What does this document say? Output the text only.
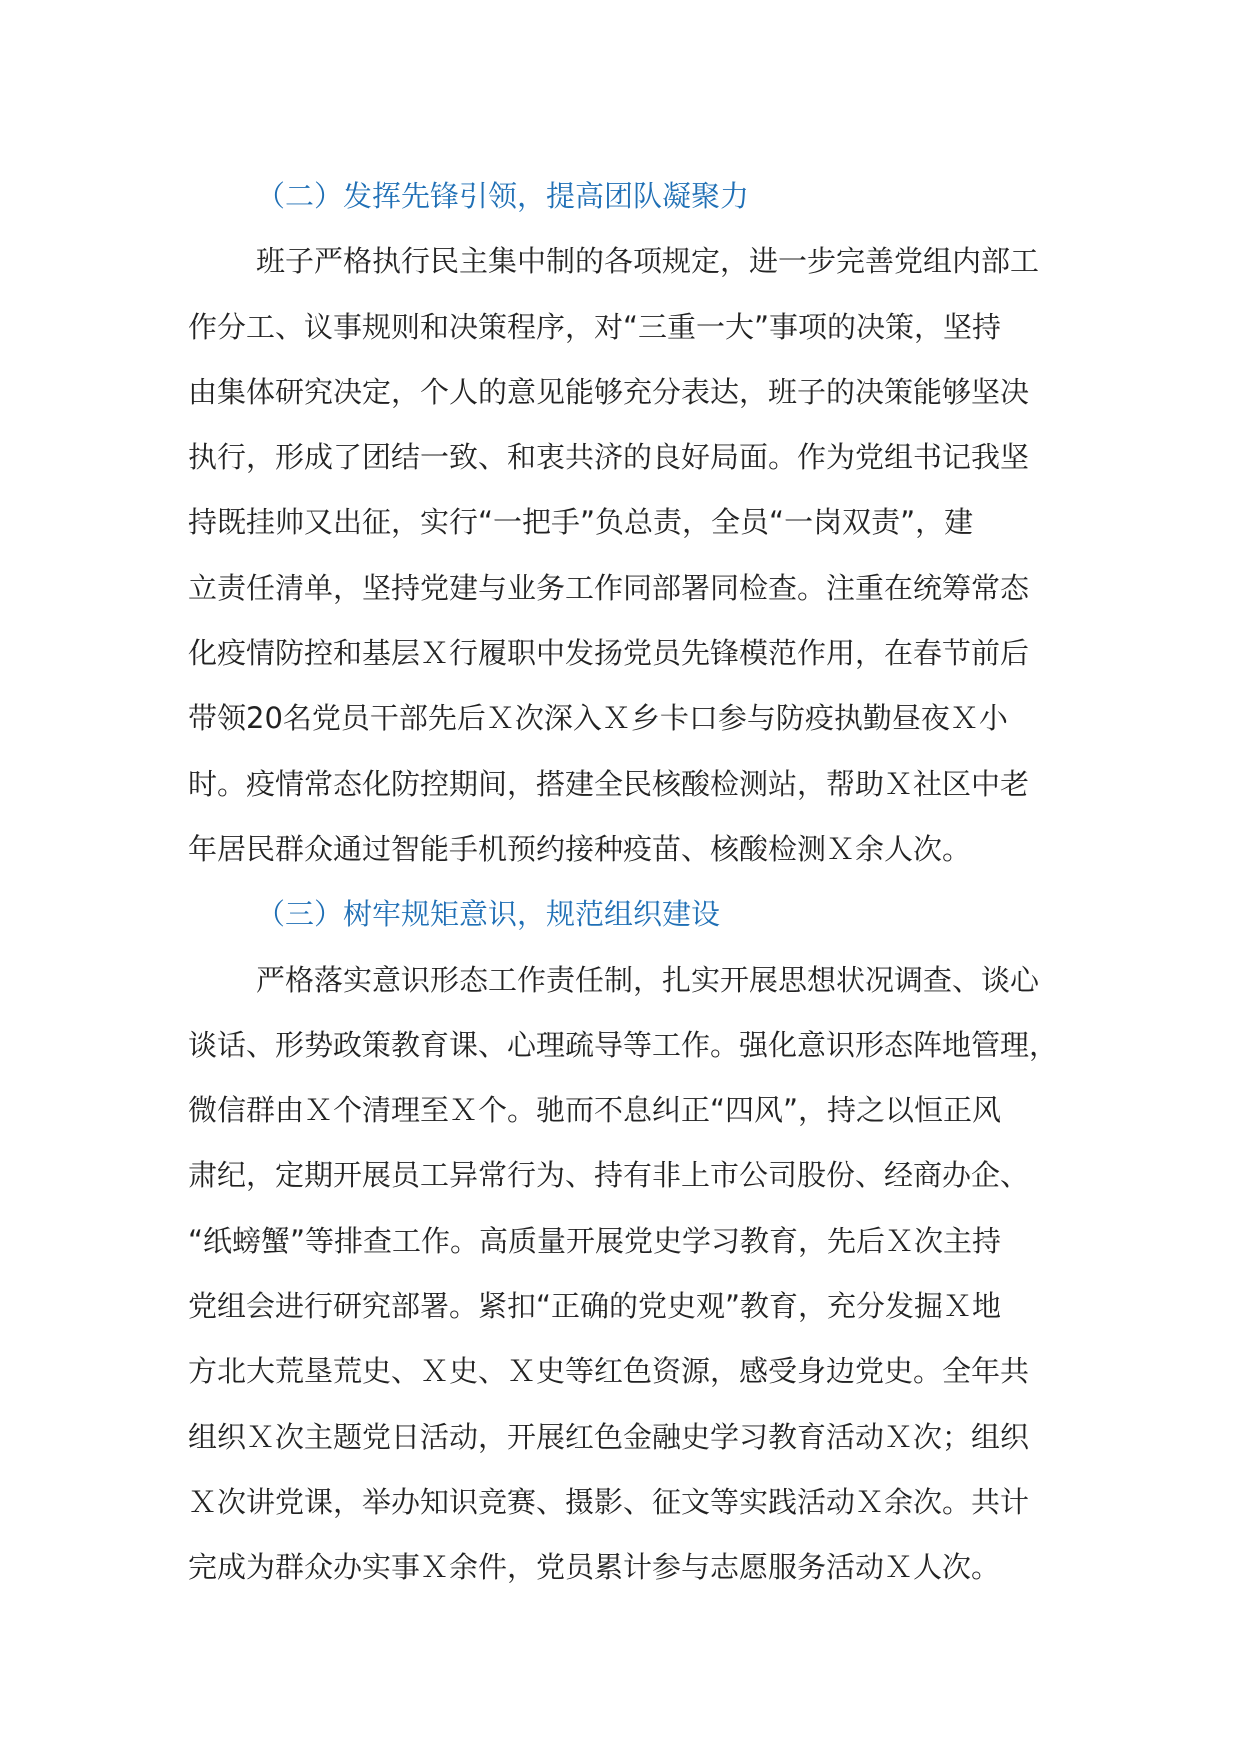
（二）发挥先锋引领，提高团队凝聚力

班子严格执行民主集中制的各项规定，进一步完善党组内部工

作分工、议事规则和决策程序，对“三重一大”事项的决策，坚持

由集体研究决定，个人的意见能够充分表达，班子的决策能够坚决

执行，形成了团结一致、和衷共济的良好局面。作为党组书记我坚

持既挂帅又出征，实行“一把手”负总责，全员“一岗双责”，建

立责任清单，坚持党建与业务工作同部署同检查。注重在统筹常态

化疫情防控和基层Ｘ行履职中发扬党员先锋模范作用，在春节前后

带领20名党员干部先后Ｘ次深入Ｘ乡卡口参与防疫执勤昼夜Ｘ小

时。疫情常态化防控期间，搭建全民核酸检测站，帮助Ｘ社区中老

年居民群众通过智能手机预约接种疫苗、核酸检测Ｘ余人次。

（三）树牢规矩意识，规范组织建设

严格落实意识形态工作责任制，扎实开展思想状况调查、谈心

谈话、形势政策教育课、心理疏导等工作。强化意识形态阵地管理，

微信群由Ｘ个清理至Ｘ个。驰而不息纠正“四风”，持之以恒正风

肃纪，定期开展员工异常行为、持有非上市公司股份、经商办企、

“纸螃蟹”等排查工作。高质量开展党史学习教育，先后Ｘ次主持

党组会进行研究部署。紧扣“正确的党史观”教育，充分发掘Ｘ地

方北大荒垦荒史、Ｘ史、Ｘ史等红色资源，感受身边党史。全年共

组织Ｘ次主题党日活动，开展红色金融史学习教育活动Ｘ次；组织

Ｘ次讲党课，举办知识竞赛、摄影、征文等实践活动Ｘ余次。共计

完成为群众办实事Ｘ余件，党员累计参与志愿服务活动Ｘ人次。
